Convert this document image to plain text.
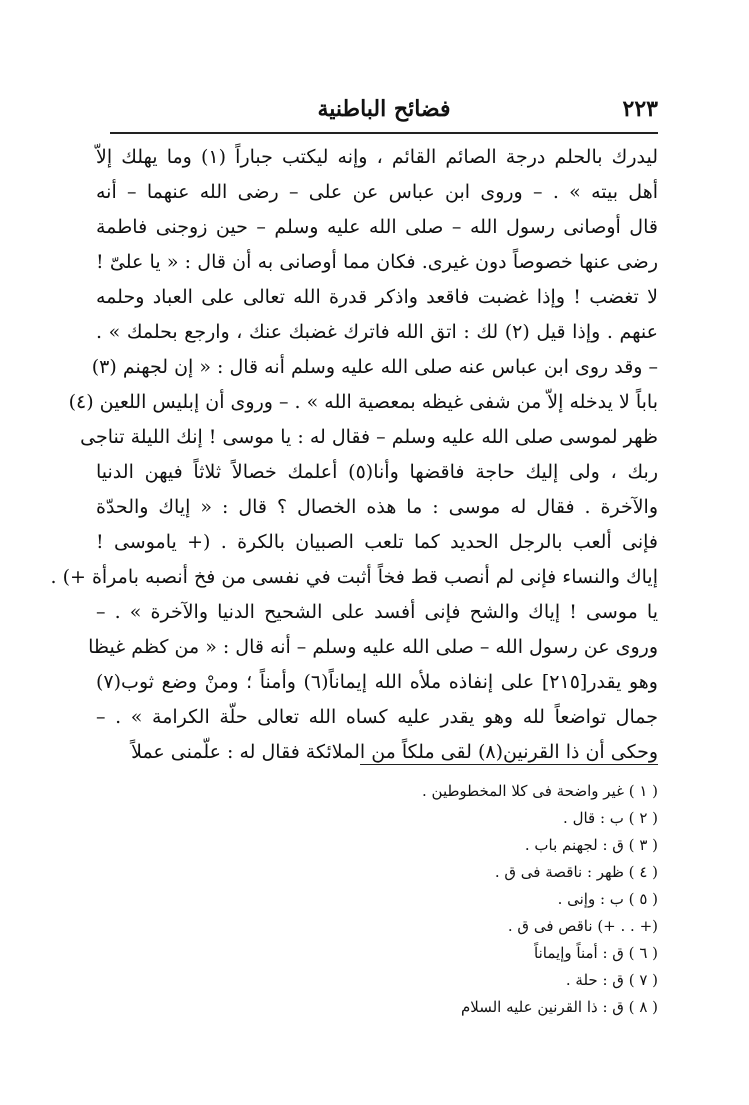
٢٢٣
فضائح الباطنية
ليدرك بالحلم درجة الصائم القائم ، وإنه ليكتب جباراً (١) وما يهلك إلاّ
أهل بيته » . – وروى ابن عباس عن على – رضى الله عنهما – أنه
قال أوصانى رسول الله – صلى الله عليه وسلم – حين زوجنى فاطمة
رضى عنها خصوصاً دون غيرى. فكان مما أوصانى به أن قال : « يا علىّ !
لا تغضب ! وإذا غضبت فاقعد واذكر قدرة الله تعالى على العباد وحلمه
عنهم . وإذا قيل (٢) لك : اتق الله فاترك غضبك عنك ، وارجع بحلمك » .
– وقد روى ابن عباس عنه صلى الله عليه وسلم أنه قال : « إن لجهنم (٣)
باباً لا يدخله إلاّ من شفى غيظه بمعصية الله » . – وروى أن إبليس اللعين (٤)
ظهر لموسى صلى الله عليه وسلم – فقال له : يا موسى ! إنك الليلة تناجى
ربك ، ولى إليك حاجة فاقضها وأنا(٥) أعلمك خصالاً ثلاثاً فيهن الدنيا
والآخرة . فقال له موسى : ما هذه الخصال ؟ قال : « إياك والحدّة
فإنى ألعب بالرجل الحديد كما تلعب الصبيان بالكرة . (+ ياموسى !
إياك والنساء فإنى لم أنصب قط فخاً أثبت في نفسى من فخ أنصبه بامرأة +) .
يا موسى ! إياك والشح فإنى أفسد على الشحيح الدنيا والآخرة » . –
وروى عن رسول الله – صلى الله عليه وسلم – أنه قال : « من كظم غيظا
وهو يقدر[٢١٥] على إنفاذه ملأه الله إيماناً(٦) وأمناً ؛ ومنْ وضع ثوب(٧)
جمال تواضعاً لله وهو يقدر عليه كساه الله تعالى حلّة الكرامة » . –
وحكى أن ذا القرنين(٨) لقى ملكاً من الملائكة فقال له : علّمنى عملاً
( ١ ) غير واضحة فى كلا المخطوطين .
( ٢ ) ب : قال .
( ٣ ) ق : لجهنم باب .
( ٤ ) ظهر : ناقصة فى ق .
( ٥ ) ب : وإنى .
(+ . . +) ناقص فى ق .
( ٦ ) ق : أمناً وإيماناً
( ٧ ) ق : حلة .
( ٨ ) ق : ذا القرنين عليه السلام
